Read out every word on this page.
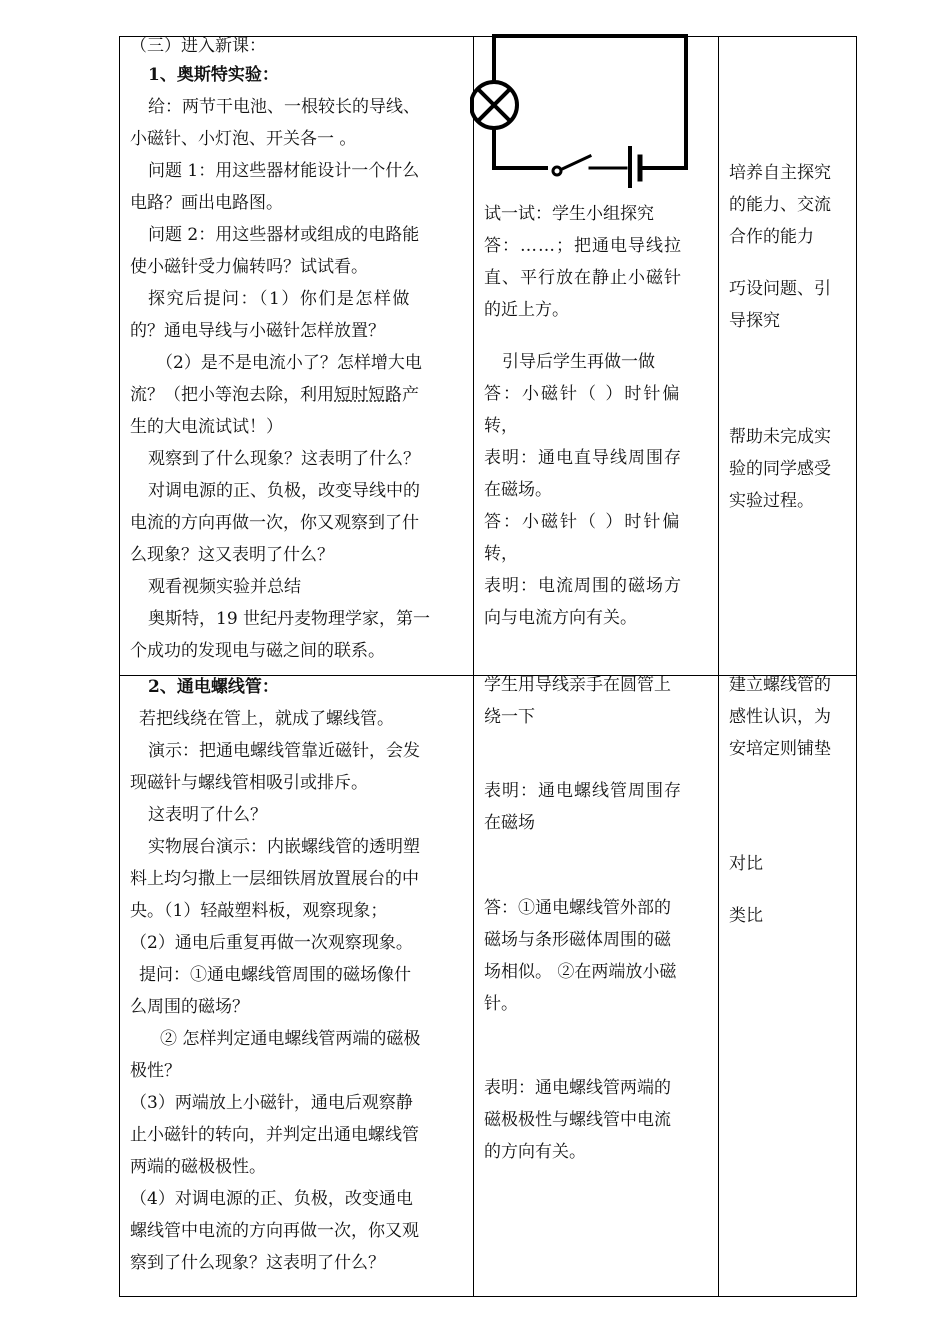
（三）进入新课：

1、奥斯特实验：

给：两节干电池、一根较长的导线、

小磁针、小灯泡、开关各一 。

问题 1：用这些器材能设计一个什么

电路？画出电路图。

问题 2：用这些器材或组成的电路能

使小磁针受力偏转吗？试试看。

探究后提问：（1）你们是怎样做

的？通电导线与小磁针怎样放置？

（2）是不是电流小了？怎样增大电

流？（把小等泡去除，利用短时短路产

生的大电流试试！）

观察到了什么现象？这表明了什么？

对调电源的正、负极，改变导线中的

电流的方向再做一次，你又观察到了什

么现象？这又表明了什么？

观看视频实验并总结

奥斯特，19 世纪丹麦物理学家，第一

个成功的发现电与磁之间的联系。

试一试：学生小组探究

答：……；把通电导线拉

直、平行放在静止小磁针

的近上方。

引导后学生再做一做

答：小磁针（ ）时针偏

转，

表明：通电直导线周围存

在磁场。

答：小磁针（ ）时针偏

转，

表明：电流周围的磁场方

向与电流方向有关。

培养自主探究

的能力、交流

合作的能力

巧设问题、引

导探究

帮助未完成实

验的同学感受

实验过程。

2、通电螺线管：

若把线绕在管上，就成了螺线管。

演示：把通电螺线管靠近磁针，会发

现磁针与螺线管相吸引或排斥。

这表明了什么？

实物展台演示：内嵌螺线管的透明塑

料上均匀撒上一层细铁屑放置展台的中

央。（1）轻敲塑料板，观察现象；

（2）通电后重复再做一次观察现象。

提问：①通电螺线管周围的磁场像什

么周围的磁场？

② 怎样判定通电螺线管两端的磁极

极性？

（3）两端放上小磁针，通电后观察静

止小磁针的转向，并判定出通电螺线管

两端的磁极极性。

（4）对调电源的正、负极，改变通电

螺线管中电流的方向再做一次，你又观

察到了什么现象？这表明了什么？

学生用导线亲手在圆管上

绕一下

表明：通电螺线管周围存

在磁场

答：①通电螺线管外部的

磁场与条形磁体周围的磁

场相似。 ②在两端放小磁

针。

表明：通电螺线管两端的

磁极极性与螺线管中电流

的方向有关。

建立螺线管的

感性认识，为

安培定则铺垫

对比

类比
